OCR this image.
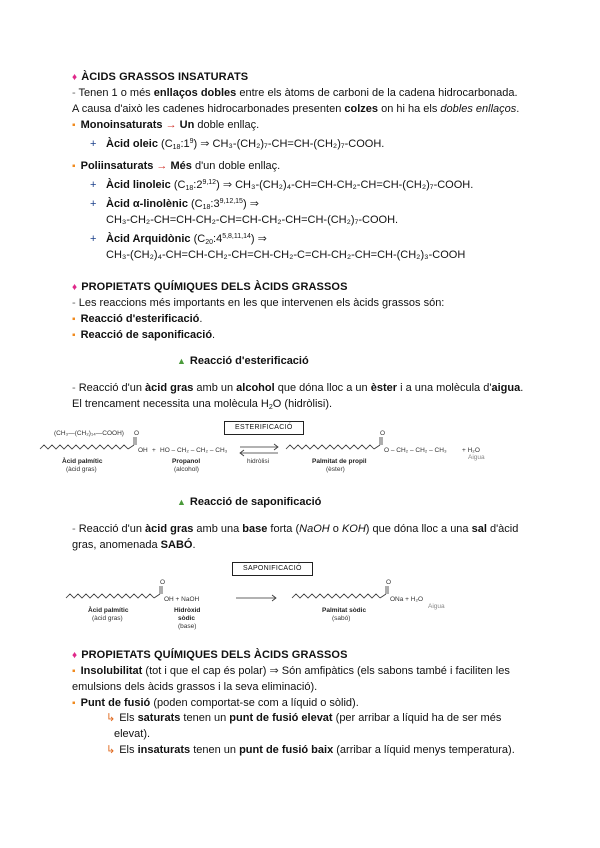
♦ ÀCIDS GRASSOS INSATURATS

- Tenen 1 o més enllaços dobles entre els àtoms de carboni de la cadena hidrocarbonada.

A causa d'això les cadenes hidrocarbonades presenten colzes on hi ha els dobles enllaços.

▪ Monoinsaturats → Un doble enllaç.

+ Àcid oleic $(C_{18}:1^9)$ ⇒ CH₃-(CH₂)₇-CH=CH-(CH₂)₇-COOH.

▪ Poliinsaturats → Més d'un doble enllaç.

+ Àcid linoleic $(C_{18}:2^{9,12})$ ⇒ CH₃-(CH₂)₄-CH=CH-CH₂-CH=CH-(CH₂)₇-COOH.
+ Àcid α-linolènic $(C_{18}:3^{9,12,15})$ ⇒
CH₃-CH₂-CH=CH-CH₂-CH=CH-CH₂-CH=CH-(CH₂)₇-COOH.
+ Àcid Arquidònic $(C_{20}:4^{5,8,11,14})$ ⇒
CH₃-(CH₂)₄-CH=CH-CH₂-CH=CH-CH₂-C=CH-CH₂-CH=CH-(CH₂)₃-COOH

♦ PROPIETATS QUÍMIQUES DELS ÀCIDS GRASSOS

- Les reaccions més importants en les que intervenen els àcids grassos són:

▪ Reacció d'esterificació.

▪ Reacció de saponificació.

▲ Reacció d'esterificació

- Reacció d'un àcid gras amb un alcohol que dóna lloc a un èster i a una molècula d'aigua.

El trencament necessita una molècula $H_2O$ (hidròlisi).

ESTERIFICACIÓ
(CH₃—(CH₂)₁₄—COOH) O
OH
Àcid palmític
(àcid gras)
+ HO – CH₂ – CH₂ – CH₃
Propanol
(alcohol)
hidròlisi
O
O – CH₂ – CH₂ – CH₃ + H₂O
Aigua
Palmitat de propil
(èster)

▲ Reacció de saponificació

- Reacció d'un àcid gras amb una base forta (NaOH o KOH) que dóna lloc a una sal d'àcid

gras, anomenada SABÓ.

SAPONIFICACIÓ
O
OH + NaOH
Àcid palmític
(àcid gras)
Hidròxid
sòdic
(base)
O
ONa + H₂O
Aigua
Palmitat sòdic
(sabó)

♦ PROPIETATS QUÍMIQUES DELS ÀCIDS GRASSOS

▪ Insolubilitat (tot i que el cap és polar) ⇒ Són amfipàtics (els sabons també i faciliten les

emulsions dels àcids grassos i la seva eliminació).

▪ Punt de fusió (poden comportat-se com a líquid o sòlid).

↳ Els saturats tenen un punt de fusió elevat (per arribar a líquid ha de ser més

elevat).

↳ Els insaturats tenen un punt de fusió baix (arribar a líquid menys temperatura).
